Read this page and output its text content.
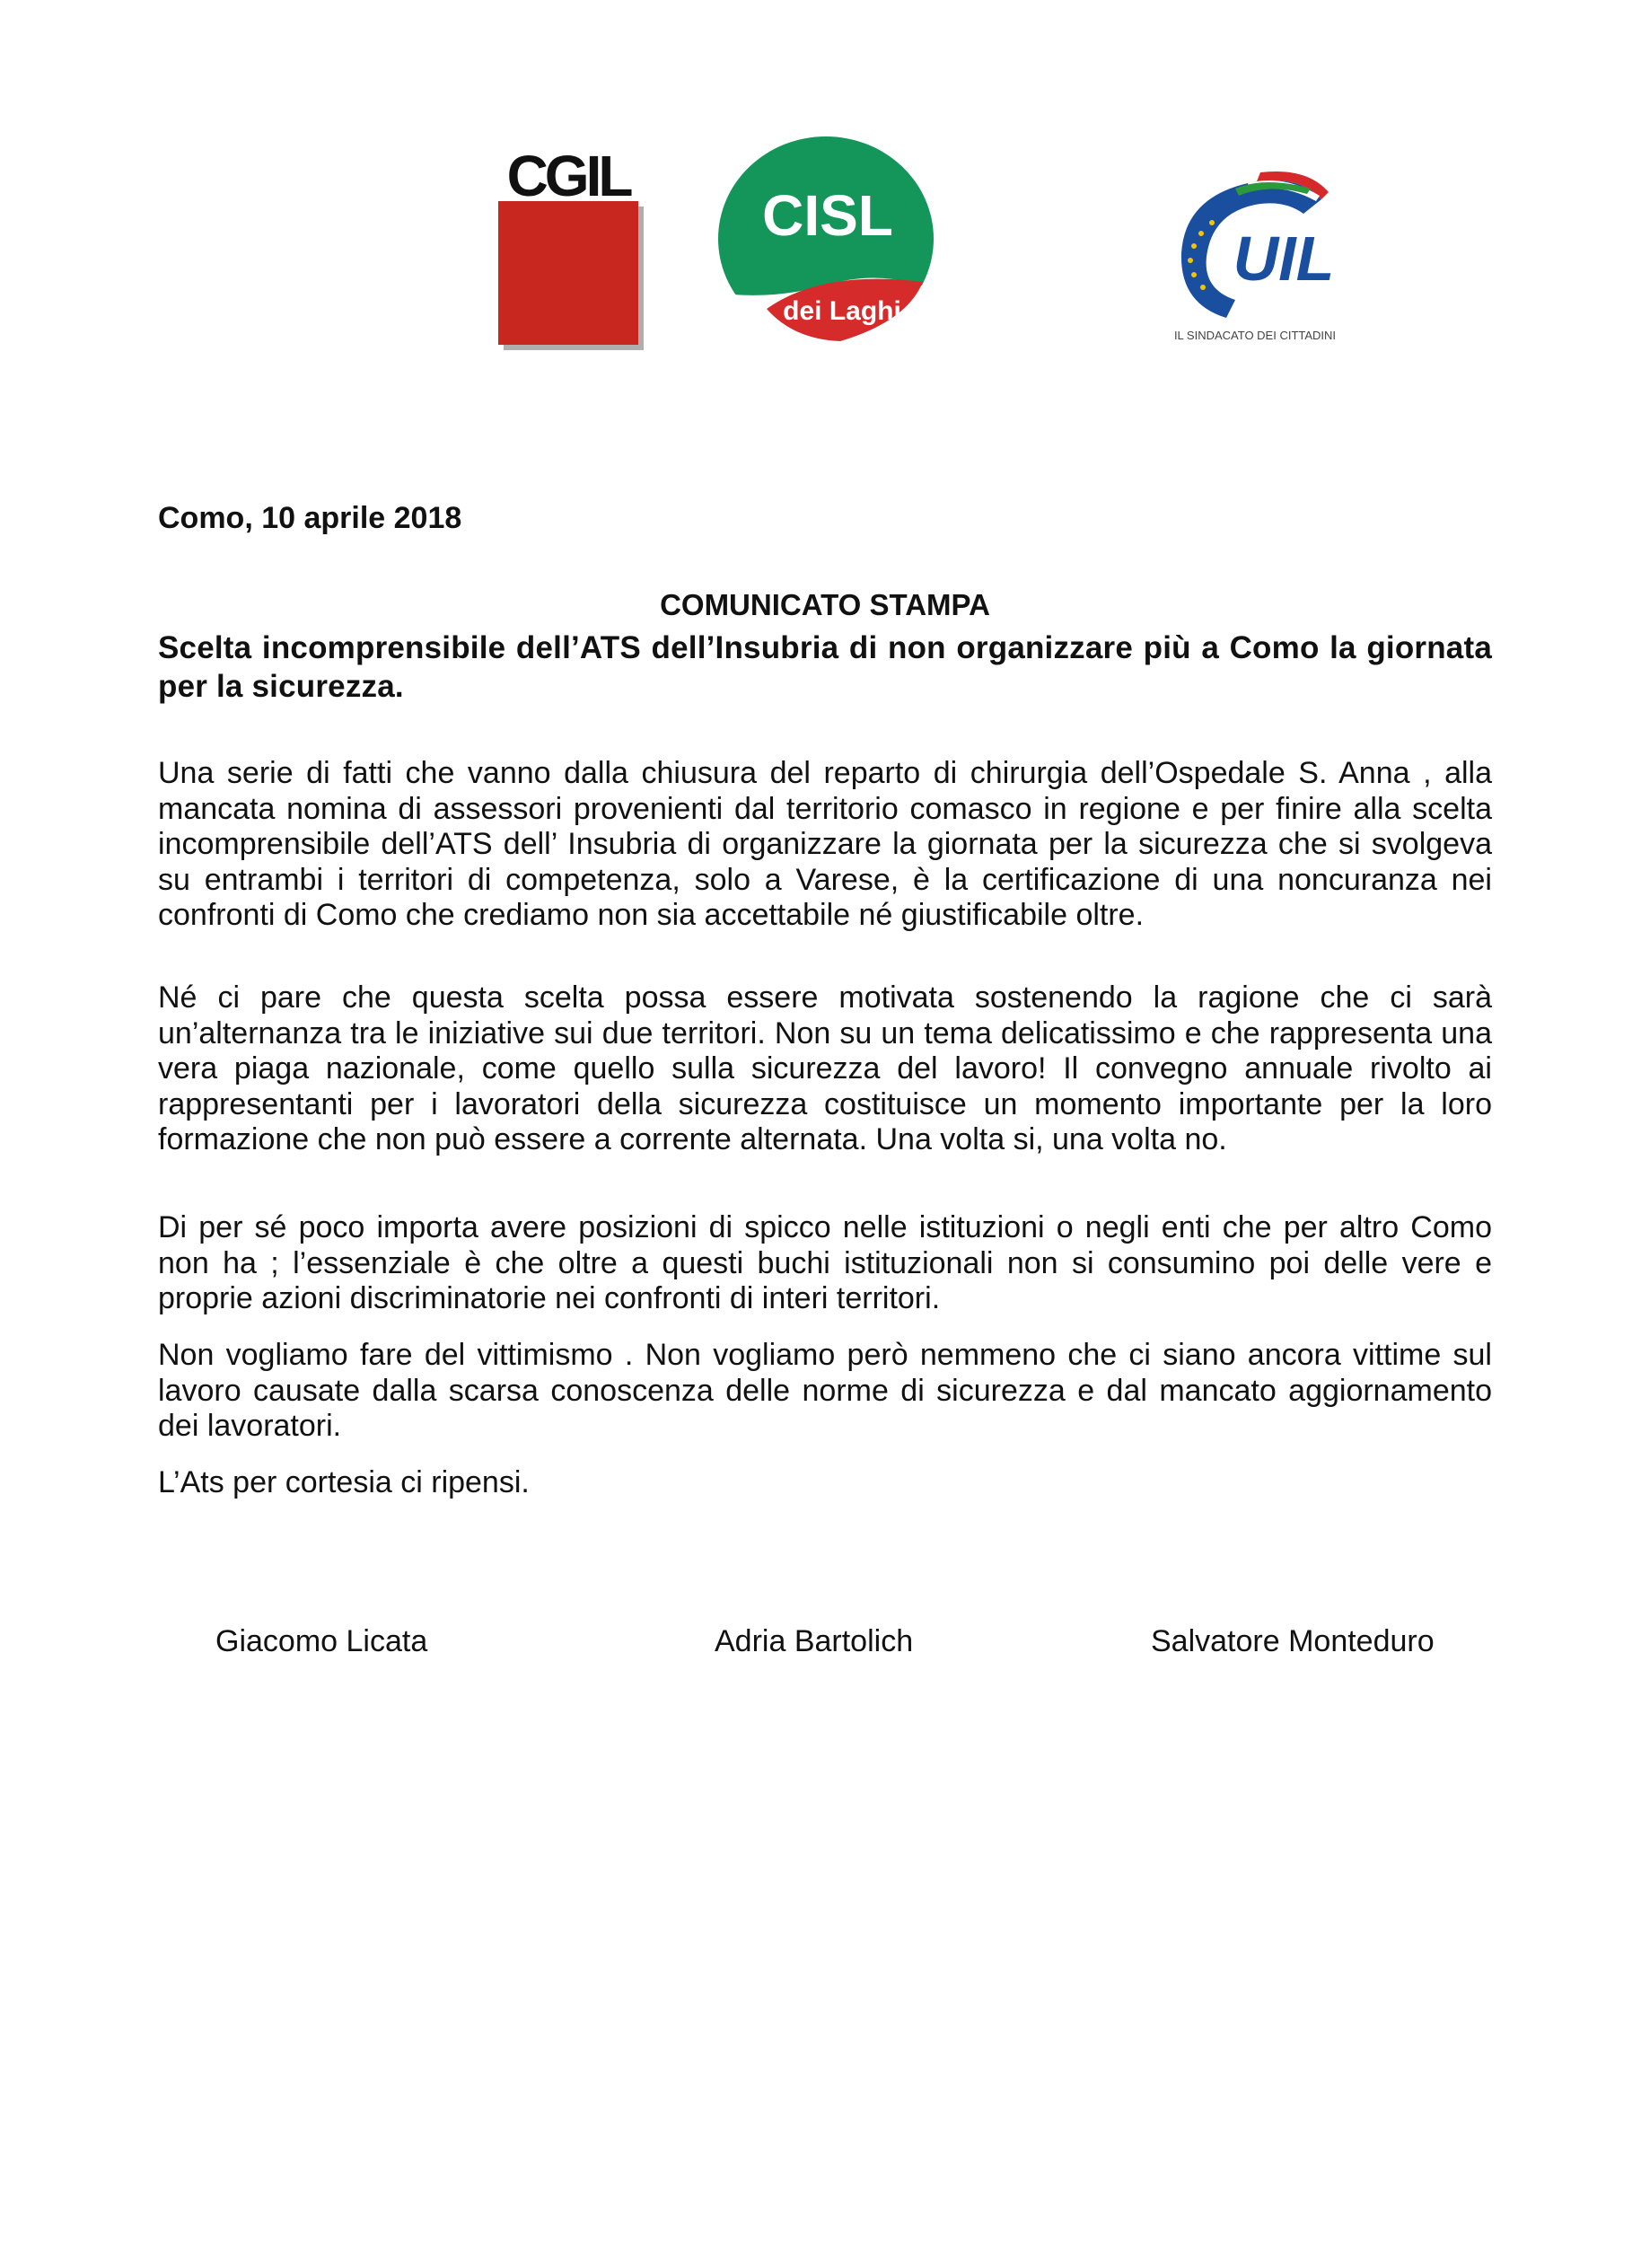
CGIL
CISL
dei Laghi
UIL
IL SINDACATO DEI CITTADINI

Como, 10 aprile 2018

COMUNICATO STAMPA

Scelta incomprensibile dell’ATS dell’Insubria di non organizzare più a Como la giornata per la sicurezza.

Una serie di fatti che vanno dalla chiusura del reparto di chirurgia dell’Ospedale S. Anna , alla mancata nomina di assessori provenienti dal territorio comasco in regione e per finire alla scelta incomprensibile dell’ATS dell’ Insubria di organizzare la giornata per la sicurezza che si svolgeva su entrambi i territori di competenza, solo a Varese, è la certificazione di una noncuranza nei confronti di Como che crediamo non sia accettabile né giustificabile oltre.

Né ci pare che questa scelta possa essere motivata sostenendo la ragione che ci sarà un’alternanza tra le iniziative sui due territori. Non su un tema delicatissimo e che rappresenta una vera piaga nazionale, come quello sulla sicurezza del lavoro! Il convegno annuale rivolto ai rappresentanti per i lavoratori della sicurezza costituisce un momento importante per la loro formazione che non può essere a corrente alternata. Una volta si, una volta no.

Di per sé poco importa avere posizioni di spicco nelle istituzioni o negli enti che per altro Como non ha ; l’essenziale è che oltre a questi buchi istituzionali non si consumino poi delle vere e proprie azioni discriminatorie nei confronti di interi territori.

Non vogliamo fare del vittimismo . Non vogliamo però nemmeno che ci siano ancora vittime sul lavoro causate dalla scarsa conoscenza delle norme di sicurezza e dal mancato aggiornamento dei lavoratori.

L’Ats per cortesia ci ripensi.

Giacomo Licata	Adria Bartolich	Salvatore Monteduro
